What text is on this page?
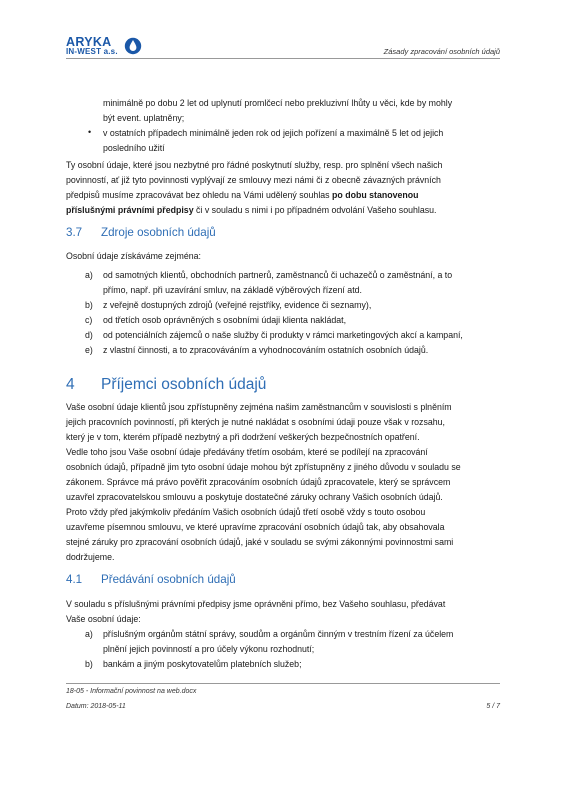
ARYKA
IN-WEST a.s.	Zásady zpracování osobních údajů
minimálně po dobu 2 let od uplynutí promlčecí nebo prekluzivní lhůty u věci, kde by mohly
být event. uplatněny;
• v ostatních případech minimálně jeden rok od jejich pořízení a maximálně 5 let od jejich
posledního užití
Ty osobní údaje, které jsou nezbytné pro řádné poskytnutí služby, resp. pro splnění všech našich
povinností, ať již tyto povinnosti vyplývají ze smlouvy mezi námi či z obecně závazných právních
předpisů musíme zpracovávat bez ohledu na Vámi udělený souhlas po dobu stanovenou
příslušnými právními předpisy či v souladu s nimi i po případném odvolání Vašeho souhlasu.
3.7 Zdroje osobních údajů
Osobní údaje získáváme zejména:
a) od samotných klientů, obchodních partnerů, zaměstnanců či uchazečů o zaměstnání, a to
přímo, např. při uzavírání smluv, na základě výběrových řízení atd.
b) z veřejně dostupných zdrojů (veřejné rejstříky, evidence či seznamy),
c) od třetích osob oprávněných s osobními údaji klienta nakládat,
d) od potenciálních zájemců o naše služby či produkty v rámci marketingových akcí a kampaní,
e) z vlastní činnosti, a to zpracováváním a vyhodnocováním ostatních osobních údajů.
4 Příjemci osobních údajů
Vaše osobní údaje klientů jsou zpřístupněny zejména našim zaměstnancům v souvislosti s plněním
jejich pracovních povinností, při kterých je nutné nakládat s osobními údaji pouze však v rozsahu,
který je v tom, kterém případě nezbytný a při dodržení veškerých bezpečnostních opatření.
Vedle toho jsou Vaše osobní údaje předávány třetím osobám, které se podílejí na zpracování
osobních údajů, případně jim tyto osobní údaje mohou být zpřístupněny z jiného důvodu v souladu se
zákonem. Správce má právo pověřit zpracováním osobních údajů zpracovatele, který se správcem
uzavřel zpracovatelskou smlouvu a poskytuje dostatečné záruky ochrany Vašich osobních údajů.
Proto vždy před jakýmkoliv předáním Vašich osobních údajů třetí osobě vždy s touto osobou
uzavřeme písemnou smlouvu, ve které upravíme zpracování osobních údajů tak, aby obsahovala
stejné záruky pro zpracování osobních údajů, jaké v souladu se svými zákonnými povinnostmi sami
dodržujeme.
4.1 Předávání osobních údajů
V souladu s příslušnými právními předpisy jsme oprávněni přímo, bez Vašeho souhlasu, předávat
Vaše osobní údaje:
a) příslušným orgánům státní správy, soudům a orgánům činným v trestním řízení za účelem
plnění jejich povinností a pro účely výkonu rozhodnutí;
b) bankám a jiným poskytovatelům platebních služeb;
18-05 - Informační povinnost na web.docx
Datum: 2018-05-11	5 / 7
